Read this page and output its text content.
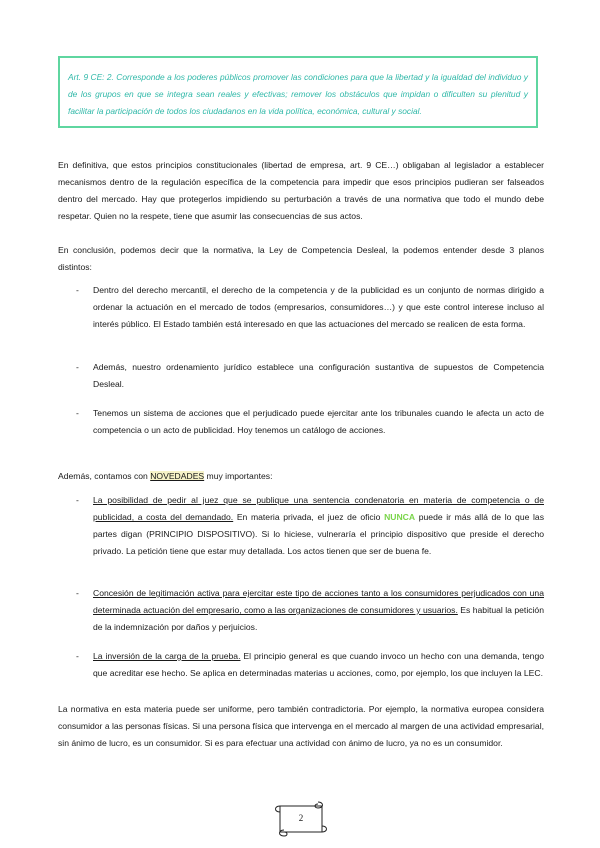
Art. 9 CE: 2. Corresponde a los poderes públicos promover las condiciones para que la libertad y la igualdad del individuo y de los grupos en que se integra sean reales y efectivas; remover los obstáculos que impidan o dificulten su plenitud y facilitar la participación de todos los ciudadanos en la vida política, económica, cultural y social.

En definitiva, que estos principios constitucionales (libertad de empresa, art. 9 CE…) obligaban al legislador a establecer mecanismos dentro de la regulación específica de la competencia para impedir que esos principios pudieran ser falseados dentro del mercado. Hay que protegerlos impidiendo su perturbación a través de una normativa que todo el mundo debe respetar. Quien no la respete, tiene que asumir las consecuencias de sus actos.

En conclusión, podemos decir que la normativa, la Ley de Competencia Desleal, la podemos entender desde 3 planos distintos:

- Dentro del derecho mercantil, el derecho de la competencia y de la publicidad es un conjunto de normas dirigido a ordenar la actuación en el mercado de todos (empresarios, consumidores…) y que este control interese incluso al interés público. El Estado también está interesado en que las actuaciones del mercado se realicen de esta forma.

- Además, nuestro ordenamiento jurídico establece una configuración sustantiva de supuestos de Competencia Desleal.

- Tenemos un sistema de acciones que el perjudicado puede ejercitar ante los tribunales cuando le afecta un acto de competencia o un acto de publicidad. Hoy tenemos un catálogo de acciones.

Además, contamos con NOVEDADES muy importantes:

- La posibilidad de pedir al juez que se publique una sentencia condenatoria en materia de competencia o de publicidad, a costa del demandado. En materia privada, el juez de oficio NUNCA puede ir más allá de lo que las partes digan (PRINCIPIO DISPOSITIVO). Si lo hiciese, vulneraría el principio dispositivo que preside el derecho privado. La petición tiene que estar muy detallada. Los actos tienen que ser de buena fe.

- Concesión de legitimación activa para ejercitar este tipo de acciones tanto a los consumidores perjudicados con una determinada actuación del empresario, como a las organizaciones de consumidores y usuarios. Es habitual la petición de la indemnización por daños y perjuicios.

- La inversión de la carga de la prueba. El principio general es que cuando invoco un hecho con una demanda, tengo que acreditar ese hecho. Se aplica en determinadas materias u acciones, como, por ejemplo, los que incluyen la LEC.

La normativa en esta materia puede ser uniforme, pero también contradictoria. Por ejemplo, la normativa europea considera consumidor a las personas físicas. Si una persona física que intervenga en el mercado al margen de una actividad empresarial, sin ánimo de lucro, es un consumidor. Si es para efectuar una actividad con ánimo de lucro, ya no es un consumidor.

2
